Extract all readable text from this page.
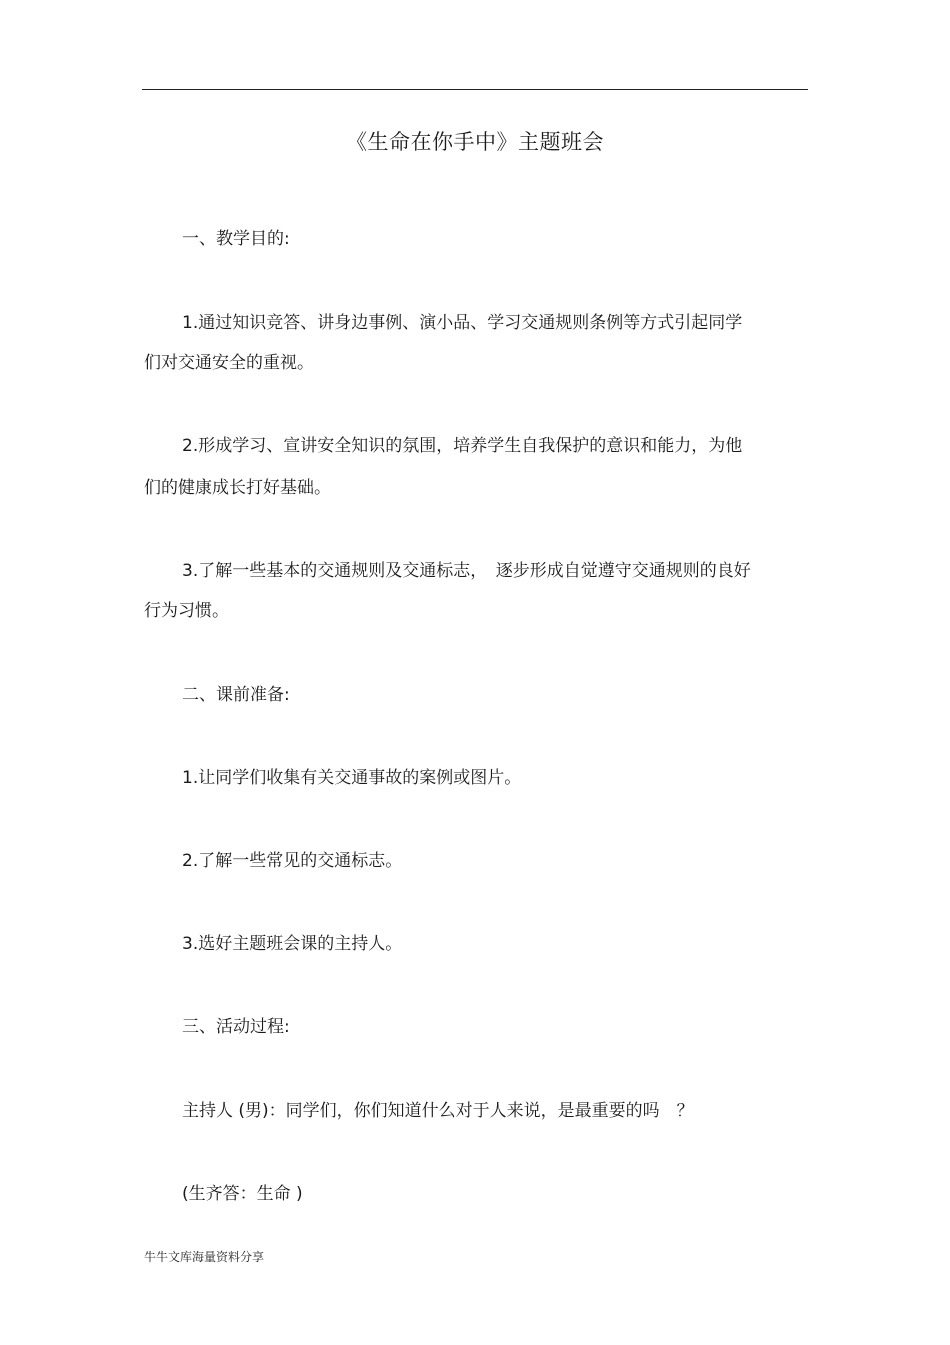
《生命在你手中》主题班会
一、教学目的:
1.通过知识竞答、讲身边事例、演小品、学习交通规则条例等方式引起同学
们对交通安全的重视。
2.形成学习、宣讲安全知识的氛围，培养学生自我保护的意识和能力，为他
们的健康成长打好基础。
3.了解一些基本的交通规则及交通标志，　逐步形成自觉遵守交通规则的良好
行为习惯。
二、课前准备:
1.让同学们收集有关交通事故的案例或图片。
2.了解一些常见的交通标志。
3.选好主题班会课的主持人。
三、活动过程:
主持人 (男)：同学们，你们知道什么对于人来说，是最重要的吗　？
(生齐答：生命 )
牛牛文库海量资料分享
